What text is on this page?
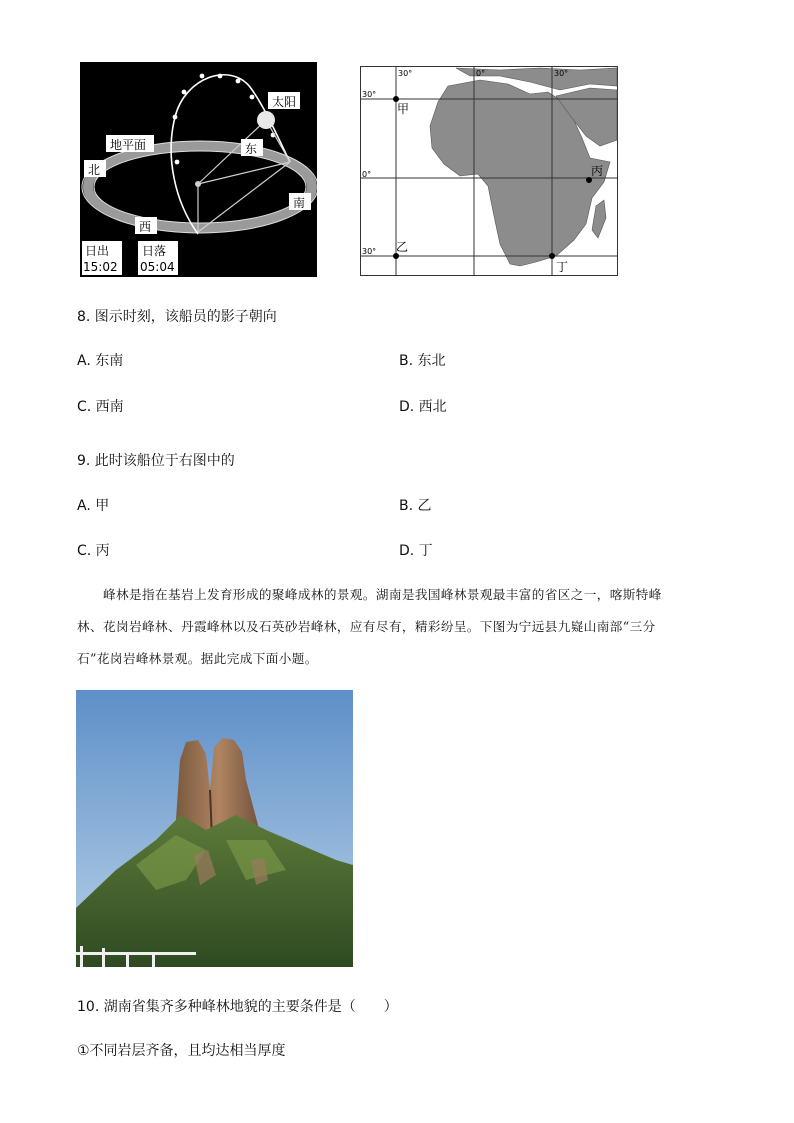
太阳
地平面
北
东
南
西
日出
15:02
日落
05:04
30°	0°	30°
30°
0°
30°
甲
丙
乙
丁
8. 图示时刻，该船员的影子朝向
A. 东南	B. 东北
C. 西南	D. 西北
9. 此时该船位于右图中的
A. 甲	B. 乙
C. 丙	D. 丁
峰林是指在基岩上发育形成的聚峰成林的景观。湖南是我国峰林景观最丰富的省区之一，喀斯特峰
林、花岗岩峰林、丹霞峰林以及石英砂岩峰林，应有尽有，精彩纷呈。下图为宁远县九嶷山南部“三分
石”花岗岩峰林景观。据此完成下面小题。
10. 湖南省集齐多种峰林地貌的主要条件是（　　）
①不同岩层齐备，且均达相当厚度
